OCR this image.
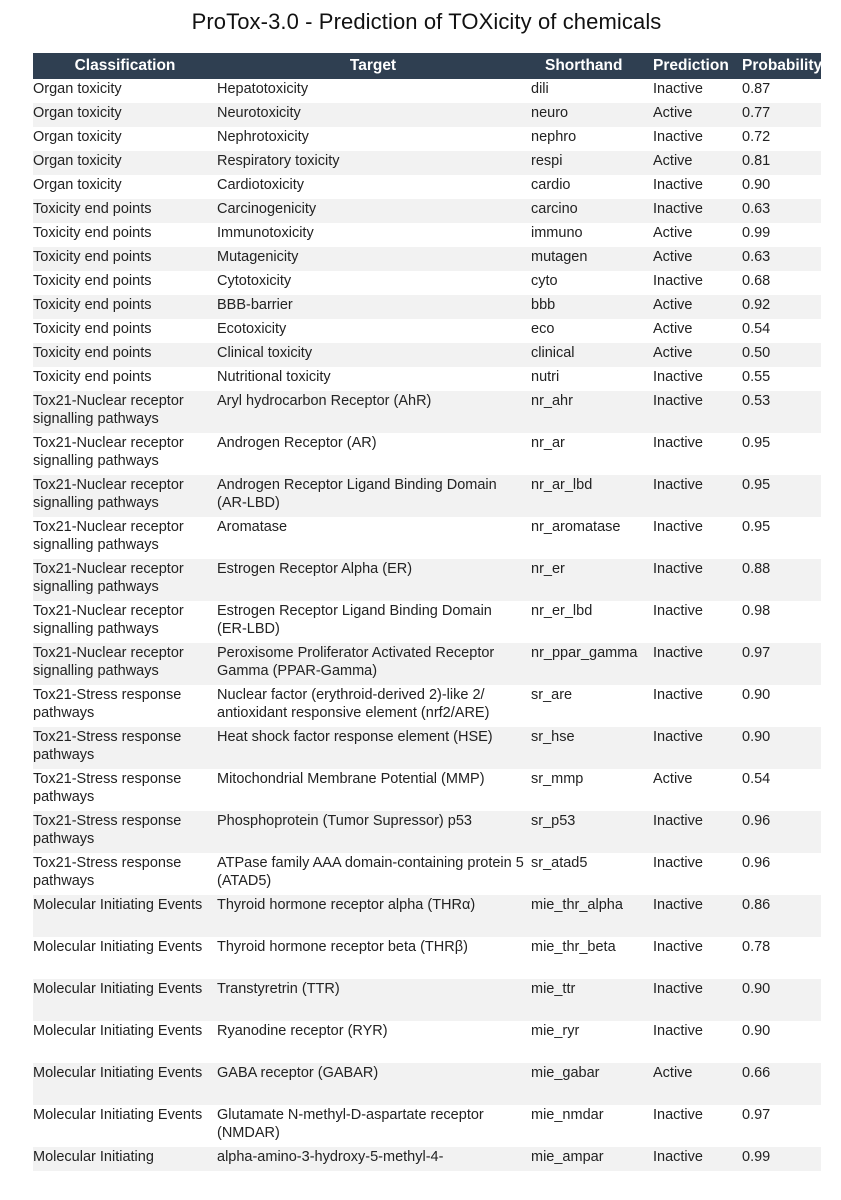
ProTox-3.0 - Prediction of TOXicity of chemicals
Classification	Target	Shorthand	Prediction	Probability
Organ toxicity	Hepatotoxicity	dili	Inactive	0.87
Organ toxicity	Neurotoxicity	neuro	Active	0.77
Organ toxicity	Nephrotoxicity	nephro	Inactive	0.72
Organ toxicity	Respiratory toxicity	respi	Active	0.81
Organ toxicity	Cardiotoxicity	cardio	Inactive	0.90
Toxicity end points	Carcinogenicity	carcino	Inactive	0.63
Toxicity end points	Immunotoxicity	immuno	Active	0.99
Toxicity end points	Mutagenicity	mutagen	Active	0.63
Toxicity end points	Cytotoxicity	cyto	Inactive	0.68
Toxicity end points	BBB-barrier	bbb	Active	0.92
Toxicity end points	Ecotoxicity	eco	Active	0.54
Toxicity end points	Clinical toxicity	clinical	Active	0.50
Toxicity end points	Nutritional toxicity	nutri	Inactive	0.55
Tox21-Nuclear receptor signalling pathways	Aryl hydrocarbon Receptor (AhR)	nr_ahr	Inactive	0.53
Tox21-Nuclear receptor signalling pathways	Androgen Receptor (AR)	nr_ar	Inactive	0.95
Tox21-Nuclear receptor signalling pathways	Androgen Receptor Ligand Binding Domain (AR-LBD)	nr_ar_lbd	Inactive	0.95
Tox21-Nuclear receptor signalling pathways	Aromatase	nr_aromatase	Inactive	0.95
Tox21-Nuclear receptor signalling pathways	Estrogen Receptor Alpha (ER)	nr_er	Inactive	0.88
Tox21-Nuclear receptor signalling pathways	Estrogen Receptor Ligand Binding Domain (ER-LBD)	nr_er_lbd	Inactive	0.98
Tox21-Nuclear receptor signalling pathways	Peroxisome Proliferator Activated Receptor Gamma (PPAR-Gamma)	nr_ppar_gamma	Inactive	0.97
Tox21-Stress response pathways	Nuclear factor (erythroid-derived 2)-like 2/ antioxidant responsive element (nrf2/ARE)	sr_are	Inactive	0.90
Tox21-Stress response pathways	Heat shock factor response element (HSE)	sr_hse	Inactive	0.90
Tox21-Stress response pathways	Mitochondrial Membrane Potential (MMP)	sr_mmp	Active	0.54
Tox21-Stress response pathways	Phosphoprotein (Tumor Supressor) p53	sr_p53	Inactive	0.96
Tox21-Stress response pathways	ATPase family AAA domain-containing protein 5 (ATAD5)	sr_atad5	Inactive	0.96
Molecular Initiating Events	Thyroid hormone receptor alpha (THRα)	mie_thr_alpha	Inactive	0.86
Molecular Initiating Events	Thyroid hormone receptor beta (THRβ)	mie_thr_beta	Inactive	0.78
Molecular Initiating Events	Transtyretrin (TTR)	mie_ttr	Inactive	0.90
Molecular Initiating Events	Ryanodine receptor (RYR)	mie_ryr	Inactive	0.90
Molecular Initiating Events	GABA receptor (GABAR)	mie_gabar	Active	0.66
Molecular Initiating Events	Glutamate N-methyl-D-aspartate receptor (NMDAR)	mie_nmdar	Inactive	0.97
Molecular Initiating	alpha-amino-3-hydroxy-5-methyl-4-	mie_ampar	Inactive	0.99
